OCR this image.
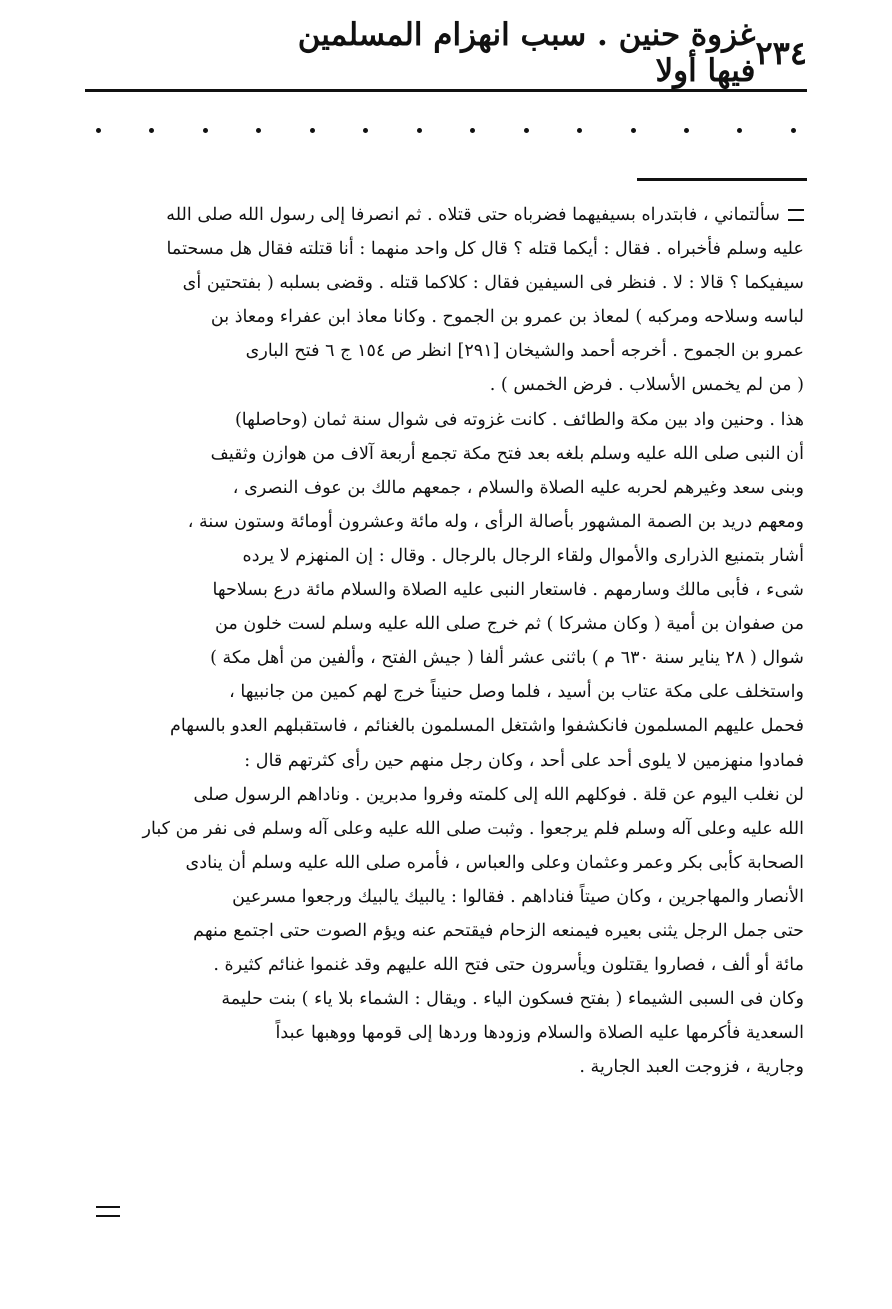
٢٣٤
غزوة حنين . سبب انهزام المسلمين فيها أولا
سألتماني ، فابتدراه بسيفيهما فضرباه حتى قتلاه . ثم انصرفا إلى رسول الله صلى الله
عليه وسلم فأخبراه . فقال : أيكما قتله ؟ قال كل واحد منهما : أنا قتلته فقال هل مسحتما
سيفيكما ؟ قالا : لا . فنظر فى السيفين فقال : كلاكما قتله . وقضى بسلبه ( بفتحتين أى
لباسه وسلاحه ومركبه ) لمعاذ بن عمرو بن الجموح . وكانا معاذ ابن عفراء ومعاذ بن
عمرو بن الجموح . أخرجه أحمد والشيخان [٢٩١] انظر ص ١٥٤ ج ٦ فتح البارى
( من لم يخمس الأسلاب . فرض الخمس ) .
هذا . وحنين واد بين مكة والطائف . كانت غزوته فى شوال سنة ثمان (وحاصلها)
أن النبى صلى الله عليه وسلم بلغه بعد فتح مكة تجمع أربعة آلاف من هوازن وثقيف
وبنى سعد وغيرهم لحربه عليه الصلاة والسلام ، جمعهم مالك بن عوف النصرى ،
ومعهم دريد بن الصمة المشهور بأصالة الرأى ، وله مائة وعشرون أومائة وستون سنة ،
أشار بتمنيع الذرارى والأموال ولقاء الرجال بالرجال . وقال : إن المنهزم لا يرده
شىء ، فأبى مالك وسارمهم . فاستعار النبى عليه الصلاة والسلام مائة درع بسلاحها
من صفوان بن أمية ( وكان مشركا ) ثم خرج صلى الله عليه وسلم لست خلون من
شوال ( ٢٨ يناير سنة ٦٣٠ م ) باثنى عشر ألفا ( جيش الفتح ، وألفين من أهل مكة )
واستخلف على مكة عتاب بن أسيد ، فلما وصل حنيناً خرج لهم كمين من جانبيها ،
فحمل عليهم المسلمون فانكشفوا واشتغل المسلمون بالغنائم ، فاستقبلهم العدو بالسهام
فمادوا منهزمين لا يلوى أحد على أحد ، وكان رجل منهم حين رأى كثرتهم قال :
لن نغلب اليوم عن قلة . فوكلهم الله إلى كلمته وفروا مدبرين . وناداهم الرسول صلى
الله عليه وعلى آله وسلم فلم يرجعوا . وثبت صلى الله عليه وعلى آله وسلم فى نفر من كبار
الصحابة كأبى بكر وعمر وعثمان وعلى والعباس ، فأمره صلى الله عليه وسلم أن ينادى
الأنصار والمهاجرين ، وكان صيتاً فناداهم . فقالوا : يالبيك يالبيك ورجعوا مسرعين
حتى جمل الرجل يثنى بعيره فيمنعه الزحام فيقتحم عنه ويؤم الصوت حتى اجتمع منهم
مائة أو ألف ، فصاروا يقتلون ويأسرون حتى فتح الله عليهم وقد غنموا غنائم كثيرة .
وكان فى السبى الشيماء ( بفتح فسكون الياء . ويقال : الشماء بلا ياء ) بنت حليمة
السعدية فأكرمها عليه الصلاة والسلام وزودها وردها إلى قومها ووهبها عبداً
وجارية ، فزوجت العبد الجارية .
